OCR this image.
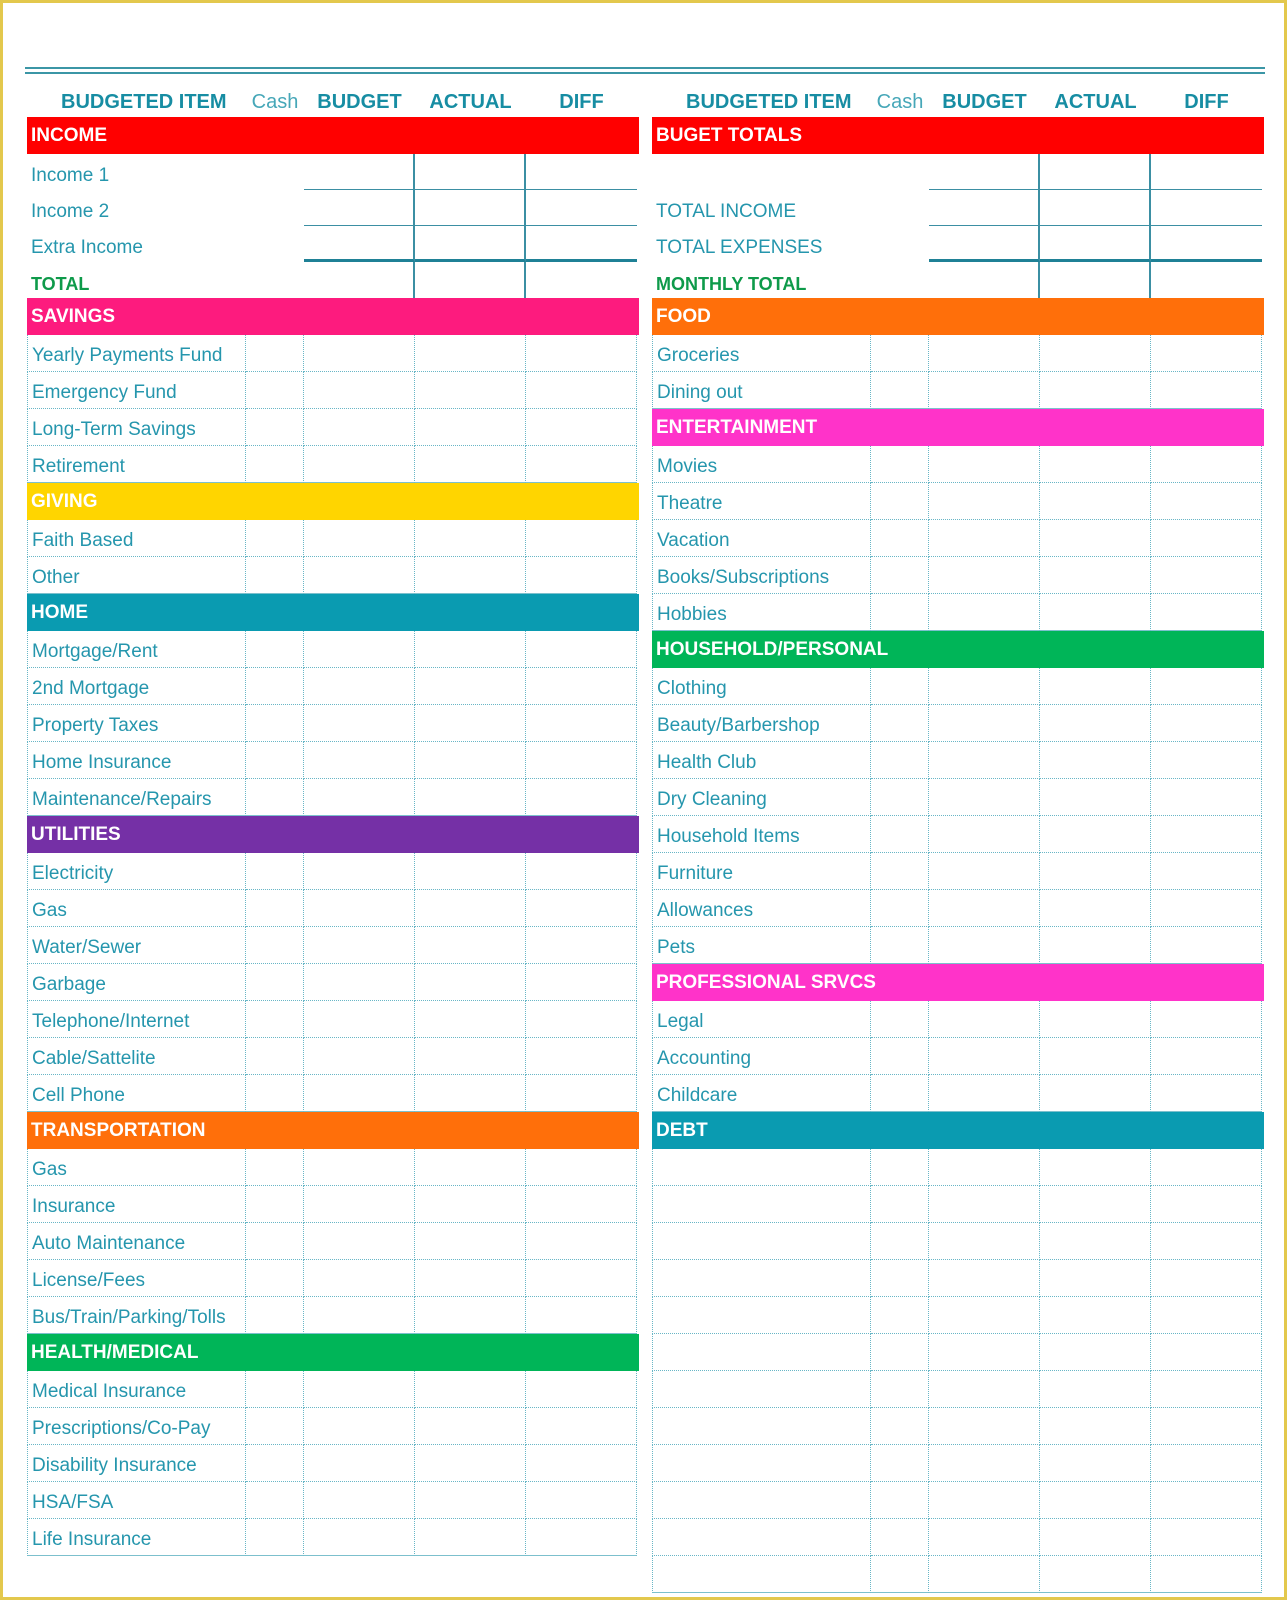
BUDGETED ITEM	Cash BUDGET	ACTUAL	DIFF
INCOME
Income 1
Income 2
Extra Income
TOTAL
SAVINGS
Yearly Payments Fund
Emergency Fund
Long-Term Savings
Retirement
GIVING
Faith Based
Other
HOME
Mortgage/Rent
2nd Mortgage
Property Taxes
Home Insurance
Maintenance/Repairs
UTILITIES
Electricity
Gas
Water/Sewer
Garbage
Telephone/Internet
Cable/Sattelite
Cell Phone
TRANSPORTATION
Gas
Insurance
Auto Maintenance
License/Fees
Bus/Train/Parking/Tolls
HEALTH/MEDICAL
Medical Insurance
Prescriptions/Co-Pay
Disability Insurance
HSA/FSA
Life Insurance
BUDGETED ITEM	Cash BUDGET	ACTUAL	DIFF
BUGET TOTALS
TOTAL INCOME
TOTAL EXPENSES
MONTHLY TOTAL
FOOD
Groceries
Dining out
ENTERTAINMENT
Movies
Theatre
Vacation
Books/Subscriptions
Hobbies
HOUSEHOLD/PERSONAL
Clothing
Beauty/Barbershop
Health Club
Dry Cleaning
Household Items
Furniture
Allowances
Pets
PROFESSIONAL SRVCS
Legal
Accounting
Childcare
DEBT
